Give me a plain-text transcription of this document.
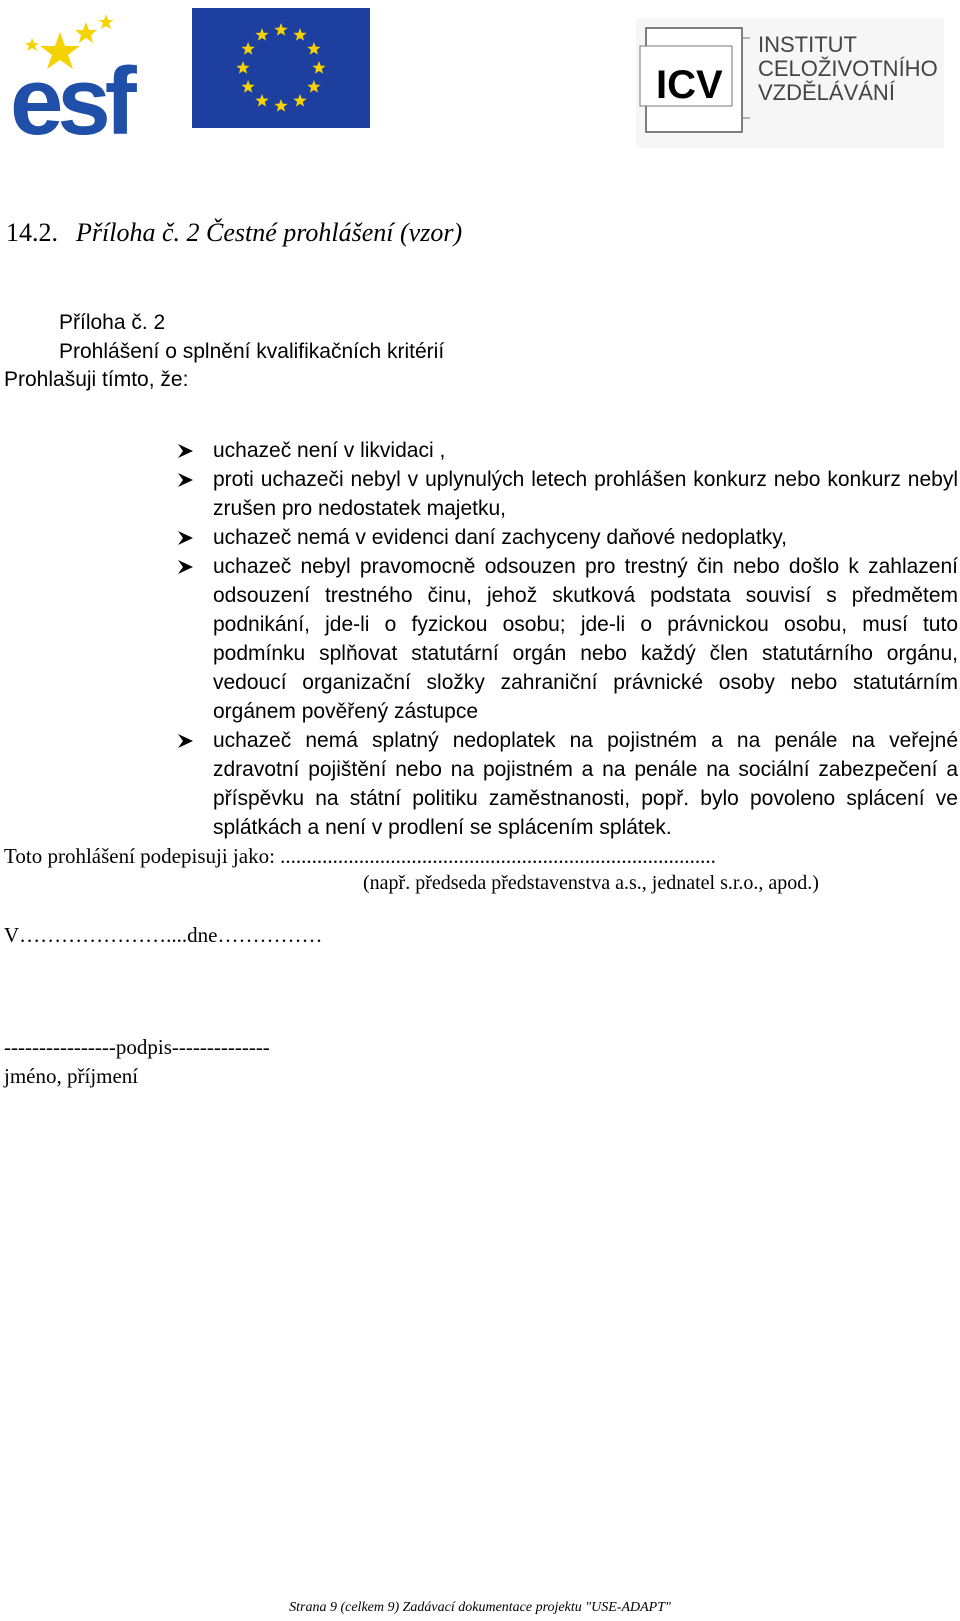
esf	ICV
INSTITUT
CELOŽIVOTNÍHO
VZDĚLÁVÁNÍ
14.2. Příloha č. 2 Čestné prohlášení (vzor)
Příloha č. 2
Prohlášení o splnění kvalifikačních kritérií
Prohlašuji tímto, že:
uchazeč není v likvidaci ,
proti uchazeči nebyl v uplynulých letech prohlášen konkurz nebo konkurz nebyl zrušen pro nedostatek majetku,
uchazeč nemá v evidenci daní zachyceny daňové nedoplatky,
uchazeč nebyl pravomocně odsouzen pro trestný čin nebo došlo k zahlazení odsouzení trestného činu, jehož skutková podstata souvisí s předmětem podnikání, jde-li o fyzickou osobu; jde-li o právnickou osobu, musí tuto podmínku splňovat statutární orgán nebo každý člen statutárního orgánu, vedoucí organizační složky zahraniční právnické osoby nebo statutárním orgánem pověřený zástupce
uchazeč nemá splatný nedoplatek na pojistném a na penále na veřejné zdravotní pojištění nebo na pojistném a na penále na sociální zabezpečení a příspěvku na státní politiku zaměstnanosti, popř. bylo povoleno splácení ve splátkách a není v prodlení se splácením splátek.
Toto prohlášení podepisuji jako: ...................................................................................
(např. předseda představenstva a.s., jednatel s.r.o., apod.)
V…………………....dne……………
----------------podpis--------------
jméno, příjmení
Strana 9 (celkem 9) Zadávací dokumentace projektu "USE-ADAPT"
